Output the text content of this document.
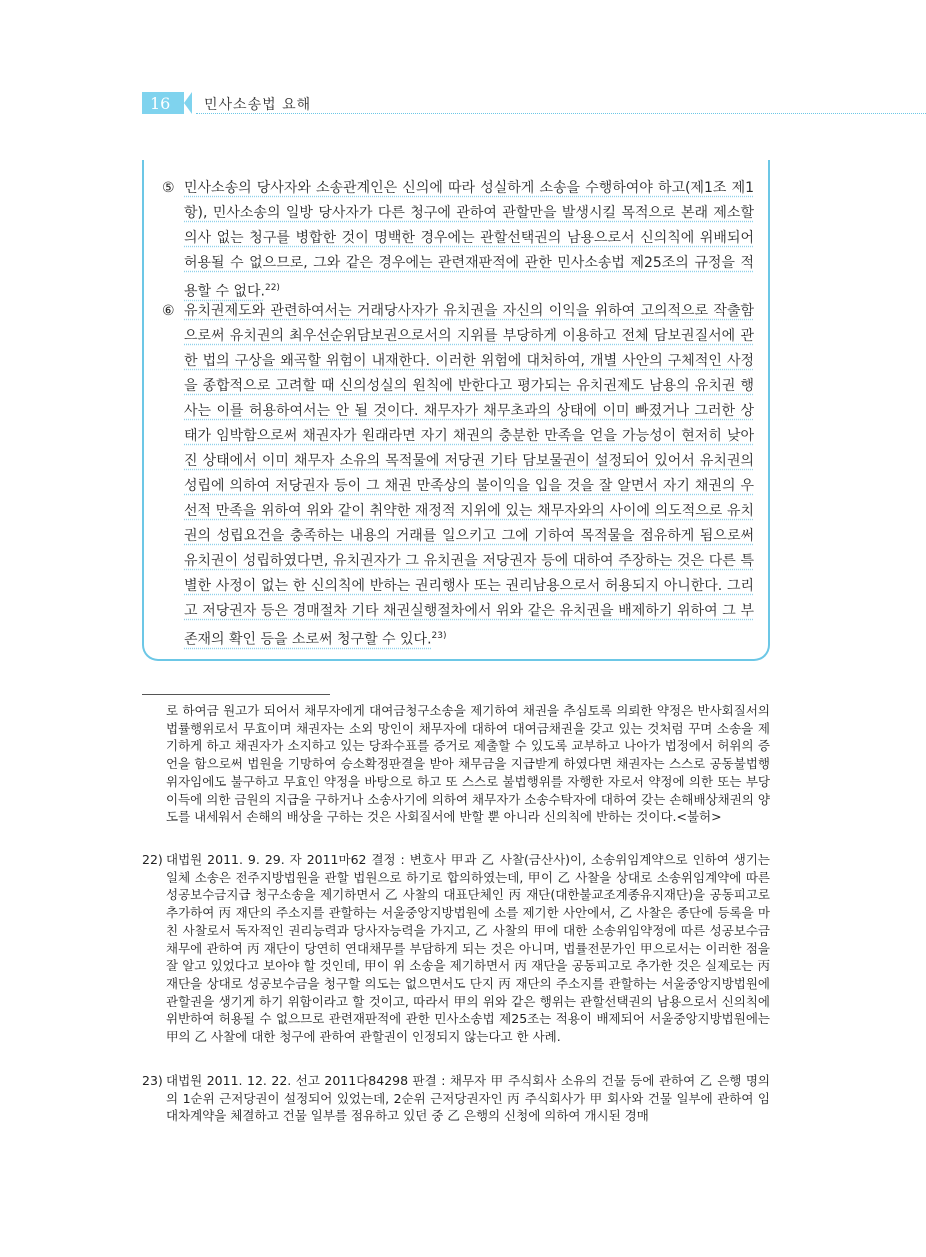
16 민사소송법 요해
⑤ 민사소송의 당사자와 소송관계인은 신의에 따라 성실하게 소송을 수행하여야 하고(제1조 제1항), 민사소송의 일방 당사자가 다른 청구에 관하여 관할만을 발생시킬 목적으로 본래 제소할 의사 없는 청구를 병합한 것이 명백한 경우에는 관할선택권의 남용으로서 신의칙에 위배되어 허용될 수 없으므로, 그와 같은 경우에는 관련재판적에 관한 민사소송법 제25조의 규정을 적용할 수 없다.$^{22)}$
⑥ 유치권제도와 관련하여서는 거래당사자가 유치권을 자신의 이익을 위하여 고의적으로 작출함으로써 유치권의 최우선순위담보권으로서의 지위를 부당하게 이용하고 전체 담보권질서에 관한 법의 구상을 왜곡할 위험이 내재한다. 이러한 위험에 대처하여, 개별 사안의 구체적인 사정을 종합적으로 고려할 때 신의성실의 원칙에 반한다고 평가되는 유치권제도 남용의 유치권 행사는 이를 허용하여서는 안 될 것이다. 채무자가 채무초과의 상태에 이미 빠졌거나 그러한 상태가 임박함으로써 채권자가 원래라면 자기 채권의 충분한 만족을 얻을 가능성이 현저히 낮아진 상태에서 이미 채무자 소유의 목적물에 저당권 기타 담보물권이 설정되어 있어서 유치권의 성립에 의하여 저당권자 등이 그 채권 만족상의 불이익을 입을 것을 잘 알면서 자기 채권의 우선적 만족을 위하여 위와 같이 취약한 재정적 지위에 있는 채무자와의 사이에 의도적으로 유치권의 성립요건을 충족하는 내용의 거래를 일으키고 그에 기하여 목적물을 점유하게 됨으로써 유치권이 성립하였다면, 유치권자가 그 유치권을 저당권자 등에 대하여 주장하는 것은 다른 특별한 사정이 없는 한 신의칙에 반하는 권리행사 또는 권리남용으로서 허용되지 아니한다. 그리고 저당권자 등은 경매절차 기타 채권실행절차에서 위와 같은 유치권을 배제하기 위하여 그 부존재의 확인 등을 소로써 청구할 수 있다.$^{23)}$
로 하여금 원고가 되어서 채무자에게 대여금청구소송을 제기하여 채권을 추심토록 의뢰한 약정은 반사회질서의 법률행위로서 무효이며 채권자는 소외 망인이 채무자에 대하여 대여금채권을 갖고 있는 것처럼 꾸며 소송을 제기하게 하고 채권자가 소지하고 있는 당좌수표를 증거로 제출할 수 있도록 교부하고 나아가 법정에서 허위의 증언을 함으로써 법원을 기망하여 승소확정판결을 받아 채무금을 지급받게 하였다면 채권자는 스스로 공동불법행위자임에도 불구하고 무효인 약정을 바탕으로 하고 또 스스로 불법행위를 자행한 자로서 약정에 의한 또는 부당이득에 의한 금원의 지급을 구하거나 소송사기에 의하여 채무자가 소송수탁자에 대하여 갖는 손해배상채권의 양도를 내세워서 손해의 배상을 구하는 것은 사회질서에 반할 뿐 아니라 신의칙에 반하는 것이다.<불허>
22) 대법원 2011. 9. 29. 자 2011마62 결정 : 변호사 甲과 乙 사찰(금산사)이, 소송위임계약으로 인하여 생기는 일체 소송은 전주지방법원을 관할 법원으로 하기로 합의하였는데, 甲이 乙 사찰을 상대로 소송위임계약에 따른 성공보수금지급 청구소송을 제기하면서 乙 사찰의 대표단체인 丙 재단(대한불교조계종유지재단)을 공동피고로 추가하여 丙 재단의 주소지를 관할하는 서울중앙지방법원에 소를 제기한 사안에서, 乙 사찰은 종단에 등록을 마친 사찰로서 독자적인 권리능력과 당사자능력을 가지고, 乙 사찰의 甲에 대한 소송위임약정에 따른 성공보수금 채무에 관하여 丙 재단이 당연히 연대채무를 부담하게 되는 것은 아니며, 법률전문가인 甲으로서는 이러한 점을 잘 알고 있었다고 보아야 할 것인데, 甲이 위 소송을 제기하면서 丙 재단을 공동피고로 추가한 것은 실제로는 丙 재단을 상대로 성공보수금을 청구할 의도는 없으면서도 단지 丙 재단의 주소지를 관할하는 서울중앙지방법원에 관할권을 생기게 하기 위함이라고 할 것이고, 따라서 甲의 위와 같은 행위는 관할선택권의 남용으로서 신의칙에 위반하여 허용될 수 없으므로 관련재판적에 관한 민사소송법 제25조는 적용이 배제되어 서울중앙지방법원에는 甲의 乙 사찰에 대한 청구에 관하여 관할권이 인정되지 않는다고 한 사례.
23) 대법원 2011. 12. 22. 선고 2011다84298 판결 : 채무자 甲 주식회사 소유의 건물 등에 관하여 乙 은행 명의의 1순위 근저당권이 설정되어 있었는데, 2순위 근저당권자인 丙 주식회사가 甲 회사와 건물 일부에 관하여 임대차계약을 체결하고 건물 일부를 점유하고 있던 중 乙 은행의 신청에 의하여 개시된 경매
